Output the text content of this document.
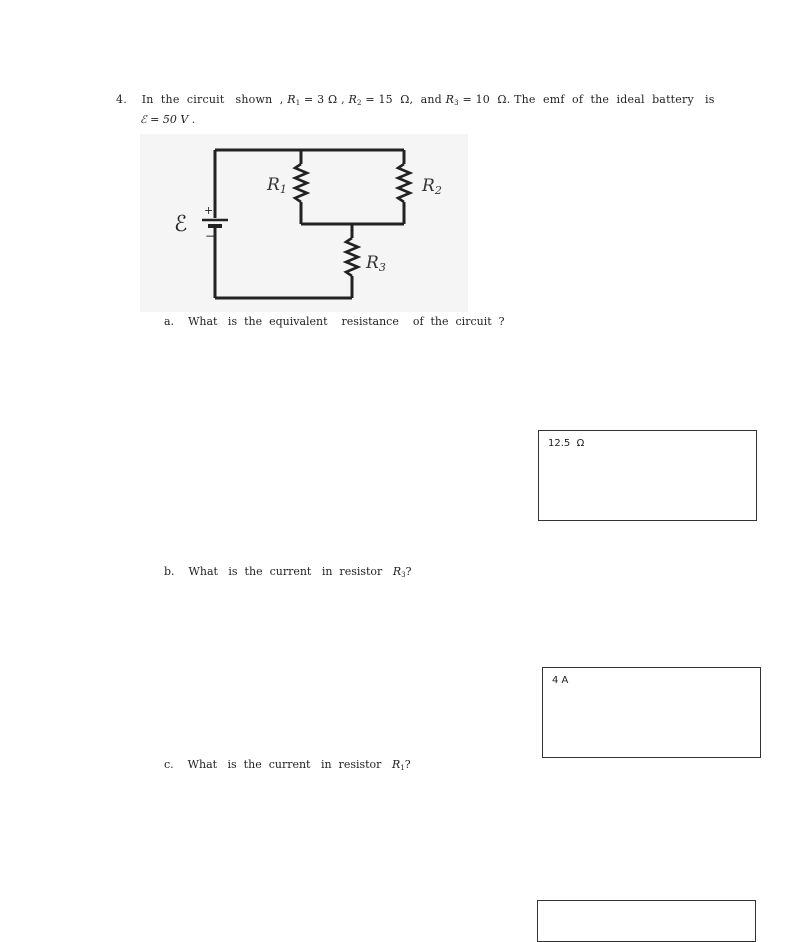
4. In  the  circuit   shown  , $R_1 = 3$ Ω , $R_2 = 15$  Ω,  and $R_3 = 10$  Ω. The  emf  of  the  ideal  battery   is
ℰ = 50 V .
+
−
ℰ
R1	R2
R3
a. What   is  the  equivalent    resistance    of  the  circuit  ?
12.5  Ω
b. What   is  the  current   in  resistor $R_3$?
4 A
c. What   is  the  current   in  resistor $R_1$?
